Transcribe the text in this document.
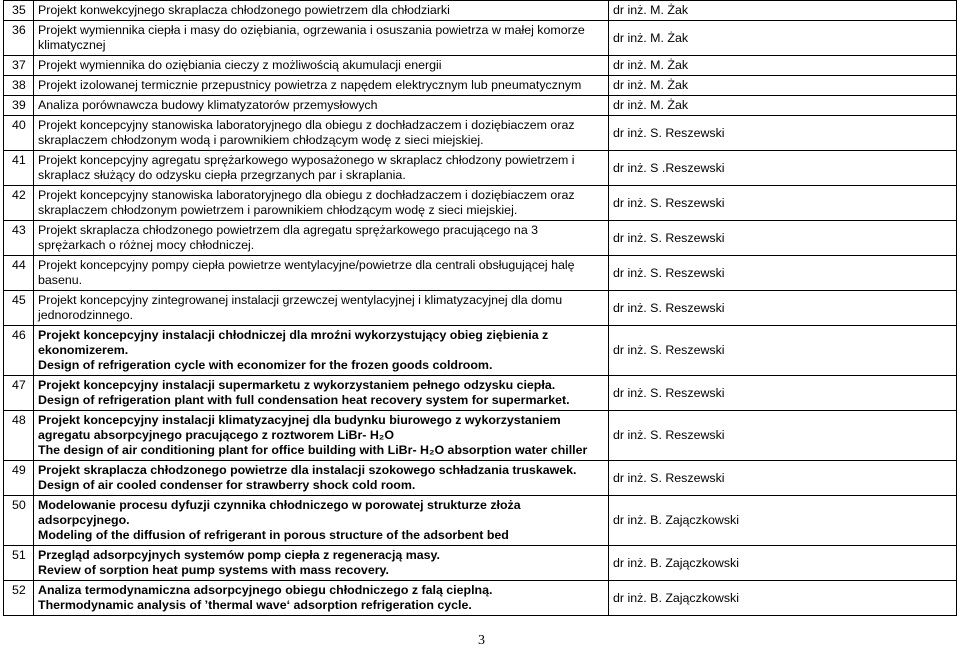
35	Projekt konwekcyjnego skraplacza chłodzonego powietrzem dla chłodziarki	dr inż. M. Żak
36	Projekt wymiennika ciepła i masy do oziębiania, ogrzewania i osuszania powietrza w małej komorze klimatycznej	dr inż. M. Żak
37	Projekt wymiennika do oziębiania cieczy z możliwością akumulacji energii	dr inż. M. Żak
38	Projekt izolowanej termicznie przepustnicy powietrza z napędem elektrycznym lub pneumatycznym	dr inż. M. Żak
39	Analiza porównawcza budowy klimatyzatorów przemysłowych	dr inż. M. Żak
40	Projekt koncepcyjny stanowiska laboratoryjnego dla obiegu z dochładzaczem i doziębiaczem oraz skraplaczem chłodzonym wodą i parownikiem chłodzącym wodę z sieci miejskiej.	dr inż. S. Reszewski
41	Projekt koncepcyjny agregatu sprężarkowego wyposażonego w skraplacz chłodzony powietrzem i skraplacz służący do odzysku ciepła przegrzanych par i skraplania.	dr inż. S .Reszewski
42	Projekt koncepcyjny stanowiska laboratoryjnego dla obiegu z dochładzaczem i doziębiaczem oraz skraplaczem chłodzonym powietrzem i parownikiem chłodzącym wodę z sieci miejskiej.	dr inż. S. Reszewski
43	Projekt skraplacza chłodzonego powietrzem dla agregatu sprężarkowego pracującego na 3 sprężarkach o różnej mocy chłodniczej.	dr inż. S. Reszewski
44	Projekt koncepcyjny pompy ciepła powietrze wentylacyjne/powietrze dla centrali obsługującej halę basenu.	dr inż. S. Reszewski
45	Projekt koncepcyjny zintegrowanej instalacji grzewczej wentylacyjnej i klimatyzacyjnej dla domu jednorodzinnego.	dr inż. S. Reszewski
46	Projekt koncepcyjny instalacji chłodniczej dla mroźni wykorzystujący obieg ziębienia z ekonomizerem.
Design of refrigeration cycle with economizer for the frozen goods coldroom.	dr inż. S. Reszewski
47	Projekt koncepcyjny instalacji supermarketu z wykorzystaniem pełnego odzysku ciepła.
Design of refrigeration plant with full condensation heat recovery system for supermarket.	dr inż. S. Reszewski
48	Projekt koncepcyjny instalacji klimatyzacyjnej dla budynku biurowego z wykorzystaniem agregatu absorpcyjnego pracującego z roztworem LiBr- H₂O
The design of air conditioning plant for office building with LiBr- H₂O absorption water chiller	dr inż. S. Reszewski
49	Projekt skraplacza chłodzonego powietrze dla instalacji szokowego schładzania truskawek.
Design of air cooled condenser for strawberry shock cold room.	dr inż. S. Reszewski
50	Modelowanie procesu dyfuzji czynnika chłodniczego w porowatej strukturze złoża adsorpcyjnego.
Modeling of the diffusion of refrigerant in porous structure of the adsorbent bed	dr inż. B. Zajączkowski
51	Przegląd adsorpcyjnych systemów pomp ciepła z regeneracją masy.
Review of sorption heat pump systems with mass recovery.	dr inż. B. Zajączkowski
52	Analiza termodynamiczna adsorpcyjnego obiegu chłodniczego z falą cieplną.
Thermodynamic analysis of ’thermal wave‘ adsorption refrigeration cycle.	dr inż. B. Zajączkowski
3
